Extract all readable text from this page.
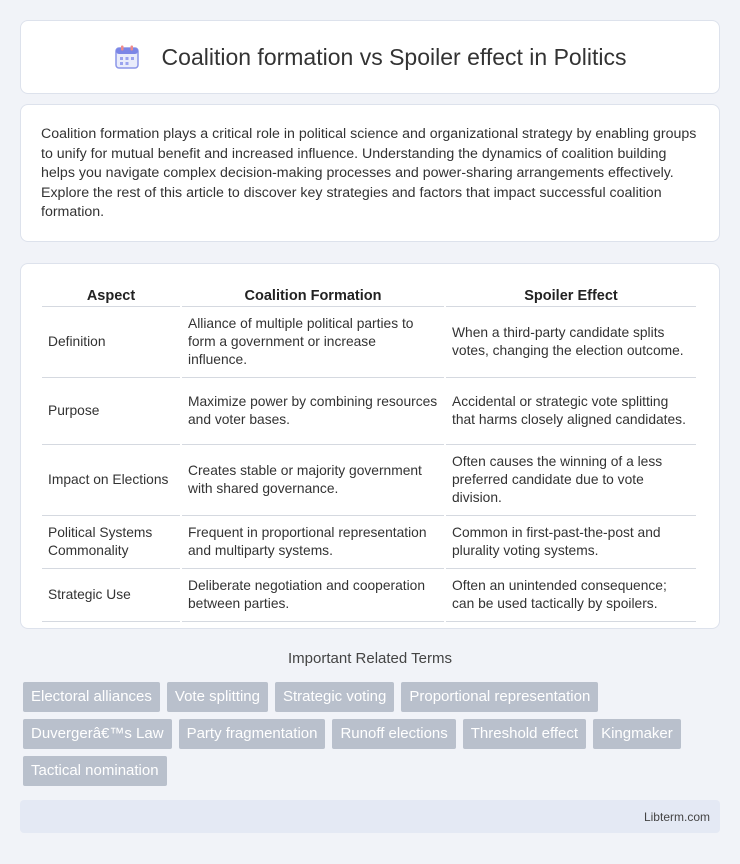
Coalition formation vs Spoiler effect in Politics

Coalition formation plays a critical role in political science and organizational strategy by enabling groups to unify for mutual benefit and increased influence. Understanding the dynamics of coalition building helps you navigate complex decision-making processes and power-sharing arrangements effectively. Explore the rest of this article to discover key strategies and factors that impact successful coalition formation.

Aspect	Coalition Formation	Spoiler Effect
Definition	Alliance of multiple political parties to form a government or increase influence.	When a third-party candidate splits votes, changing the election outcome.
Purpose	Maximize power by combining resources and voter bases.	Accidental or strategic vote splitting that harms closely aligned candidates.
Impact on Elections	Creates stable or majority government with shared governance.	Often causes the winning of a less preferred candidate due to vote division.
Political Systems Commonality	Frequent in proportional representation and multiparty systems.	Common in first-past-the-post and plurality voting systems.
Strategic Use	Deliberate negotiation and cooperation between parties.	Often an unintended consequence; can be used tactically by spoilers.
Important Related Terms
Electoral alliances	Vote splitting	Strategic voting	Proportional representation
Duvergerâ€™s Law	Party fragmentation	Runoff elections	Threshold effect	Kingmaker
Tactical nomination
Libterm.com
